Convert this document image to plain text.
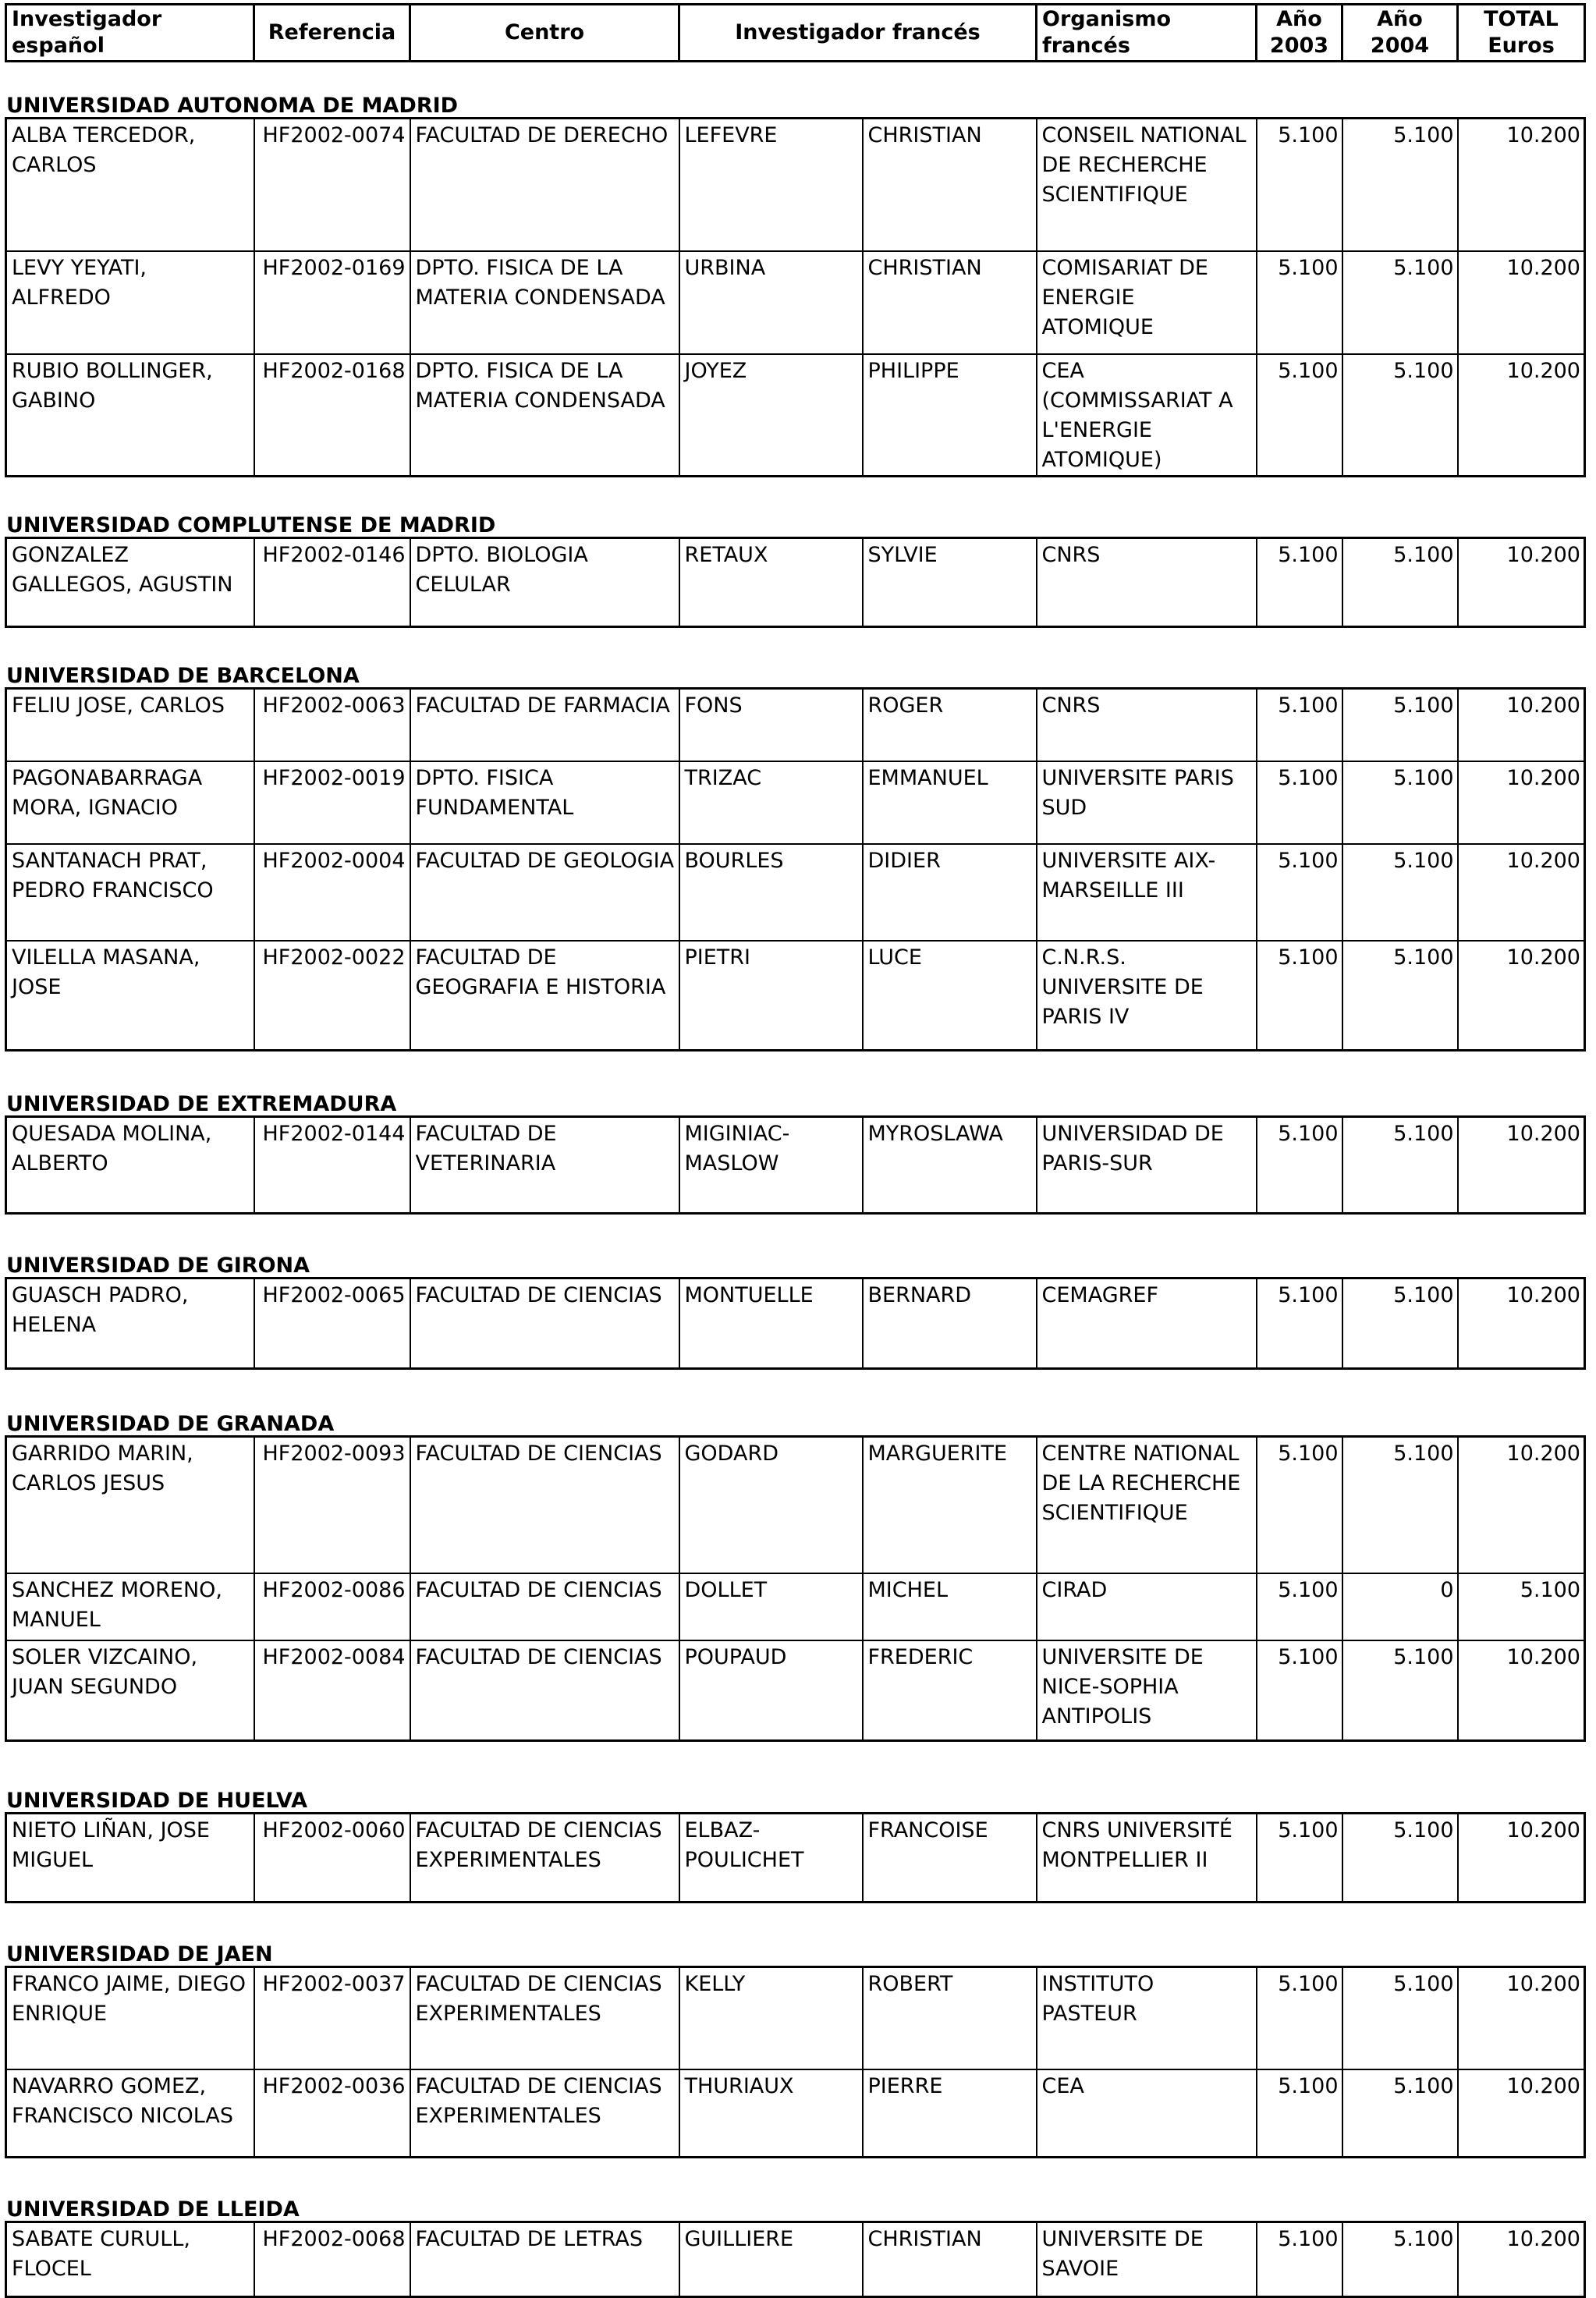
Investigador español	Referencia	Centro	Investigador francés	Organismo francés	Año 2003	Año 2004	TOTAL Euros
UNIVERSIDAD AUTONOMA DE MADRID
ALBA TERCEDOR, CARLOS	HF2002-0074	FACULTAD DE DERECHO	LEFEVRE	CHRISTIAN	CONSEIL NATIONAL DE RECHERCHE SCIENTIFIQUE	5.100	5.100	10.200
LEVY YEYATI, ALFREDO	HF2002-0169	DPTO. FISICA DE LA MATERIA CONDENSADA	URBINA	CHRISTIAN	COMISARIAT DE ENERGIE ATOMIQUE	5.100	5.100	10.200
RUBIO BOLLINGER, GABINO	HF2002-0168	DPTO. FISICA DE LA MATERIA CONDENSADA	JOYEZ	PHILIPPE	CEA (COMMISSARIAT A L'ENERGIE ATOMIQUE)	5.100	5.100	10.200
UNIVERSIDAD COMPLUTENSE DE MADRID
GONZALEZ GALLEGOS, AGUSTIN	HF2002-0146	DPTO. BIOLOGIA CELULAR	RETAUX	SYLVIE	CNRS	5.100	5.100	10.200
UNIVERSIDAD DE BARCELONA
FELIU JOSE, CARLOS	HF2002-0063	FACULTAD DE FARMACIA	FONS	ROGER	CNRS	5.100	5.100	10.200
PAGONABARRAGA MORA, IGNACIO	HF2002-0019	DPTO. FISICA FUNDAMENTAL	TRIZAC	EMMANUEL	UNIVERSITE PARIS SUD	5.100	5.100	10.200
SANTANACH PRAT, PEDRO FRANCISCO	HF2002-0004	FACULTAD DE GEOLOGIA	BOURLES	DIDIER	UNIVERSITE AIX-MARSEILLE III	5.100	5.100	10.200
VILELLA MASANA, JOSE	HF2002-0022	FACULTAD DE GEOGRAFIA E HISTORIA	PIETRI	LUCE	C.N.R.S. UNIVERSITE DE PARIS IV	5.100	5.100	10.200
UNIVERSIDAD DE EXTREMADURA
QUESADA MOLINA, ALBERTO	HF2002-0144	FACULTAD DE VETERINARIA	MIGINIAC-MASLOW	MYROSLAWA	UNIVERSIDAD DE PARIS-SUR	5.100	5.100	10.200
UNIVERSIDAD DE GIRONA
GUASCH PADRO, HELENA	HF2002-0065	FACULTAD DE CIENCIAS	MONTUELLE	BERNARD	CEMAGREF	5.100	5.100	10.200
UNIVERSIDAD DE GRANADA
GARRIDO MARIN, CARLOS JESUS	HF2002-0093	FACULTAD DE CIENCIAS	GODARD	MARGUERITE	CENTRE NATIONAL DE LA RECHERCHE SCIENTIFIQUE	5.100	5.100	10.200
SANCHEZ MORENO, MANUEL	HF2002-0086	FACULTAD DE CIENCIAS	DOLLET	MICHEL	CIRAD	5.100	0	5.100
SOLER VIZCAINO, JUAN SEGUNDO	HF2002-0084	FACULTAD DE CIENCIAS	POUPAUD	FREDERIC	UNIVERSITE DE NICE-SOPHIA ANTIPOLIS	5.100	5.100	10.200
UNIVERSIDAD DE HUELVA
NIETO LIÑAN, JOSE MIGUEL	HF2002-0060	FACULTAD DE CIENCIAS EXPERIMENTALES	ELBAZ-POULICHET	FRANCOISE	CNRS UNIVERSITÉ MONTPELLIER II	5.100	5.100	10.200
UNIVERSIDAD DE JAEN
FRANCO JAIME, DIEGO ENRIQUE	HF2002-0037	FACULTAD DE CIENCIAS EXPERIMENTALES	KELLY	ROBERT	INSTITUTO PASTEUR	5.100	5.100	10.200
NAVARRO GOMEZ, FRANCISCO NICOLAS	HF2002-0036	FACULTAD DE CIENCIAS EXPERIMENTALES	THURIAUX	PIERRE	CEA	5.100	5.100	10.200
UNIVERSIDAD DE LLEIDA
SABATE CURULL, FLOCEL	HF2002-0068	FACULTAD DE LETRAS	GUILLIERE	CHRISTIAN	UNIVERSITE DE SAVOIE	5.100	5.100	10.200
